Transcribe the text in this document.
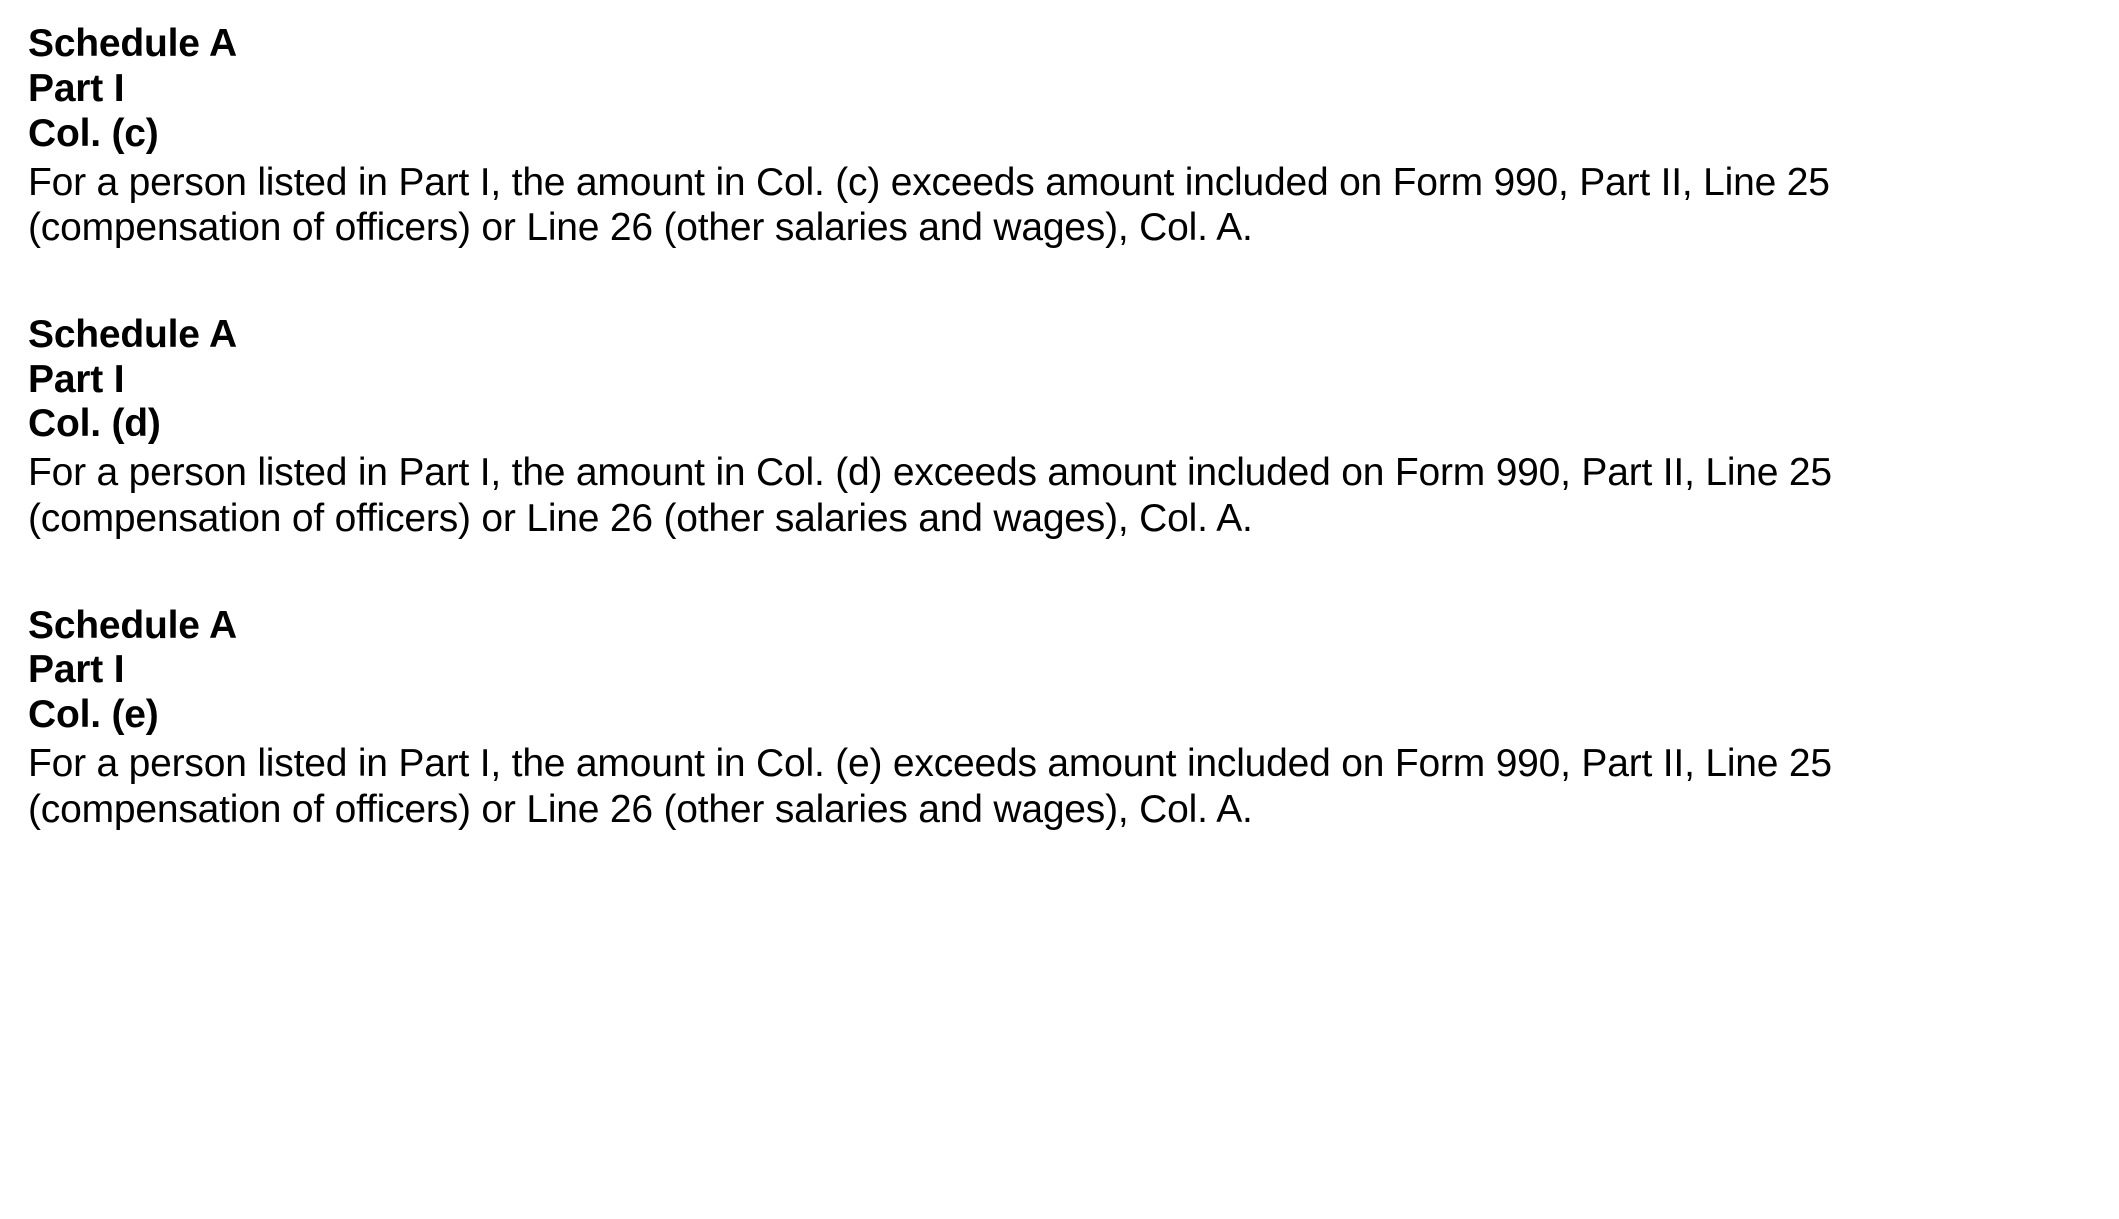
Schedule A
Part I
Col. (c)
For a person listed in Part I, the amount in Col. (c) exceeds amount included on Form 990, Part II, Line 25 (compensation of officers) or Line 26 (other salaries and wages), Col. A.
Schedule A
Part I
Col. (d)
For a person listed in Part I, the amount in Col. (d) exceeds amount included on Form 990, Part II, Line 25 (compensation of officers) or Line 26 (other salaries and wages), Col. A.
Schedule A
Part I
Col. (e)
For a person listed in Part I, the amount in Col. (e) exceeds amount included on Form 990, Part II, Line 25 (compensation of officers) or Line 26 (other salaries and wages), Col. A.
